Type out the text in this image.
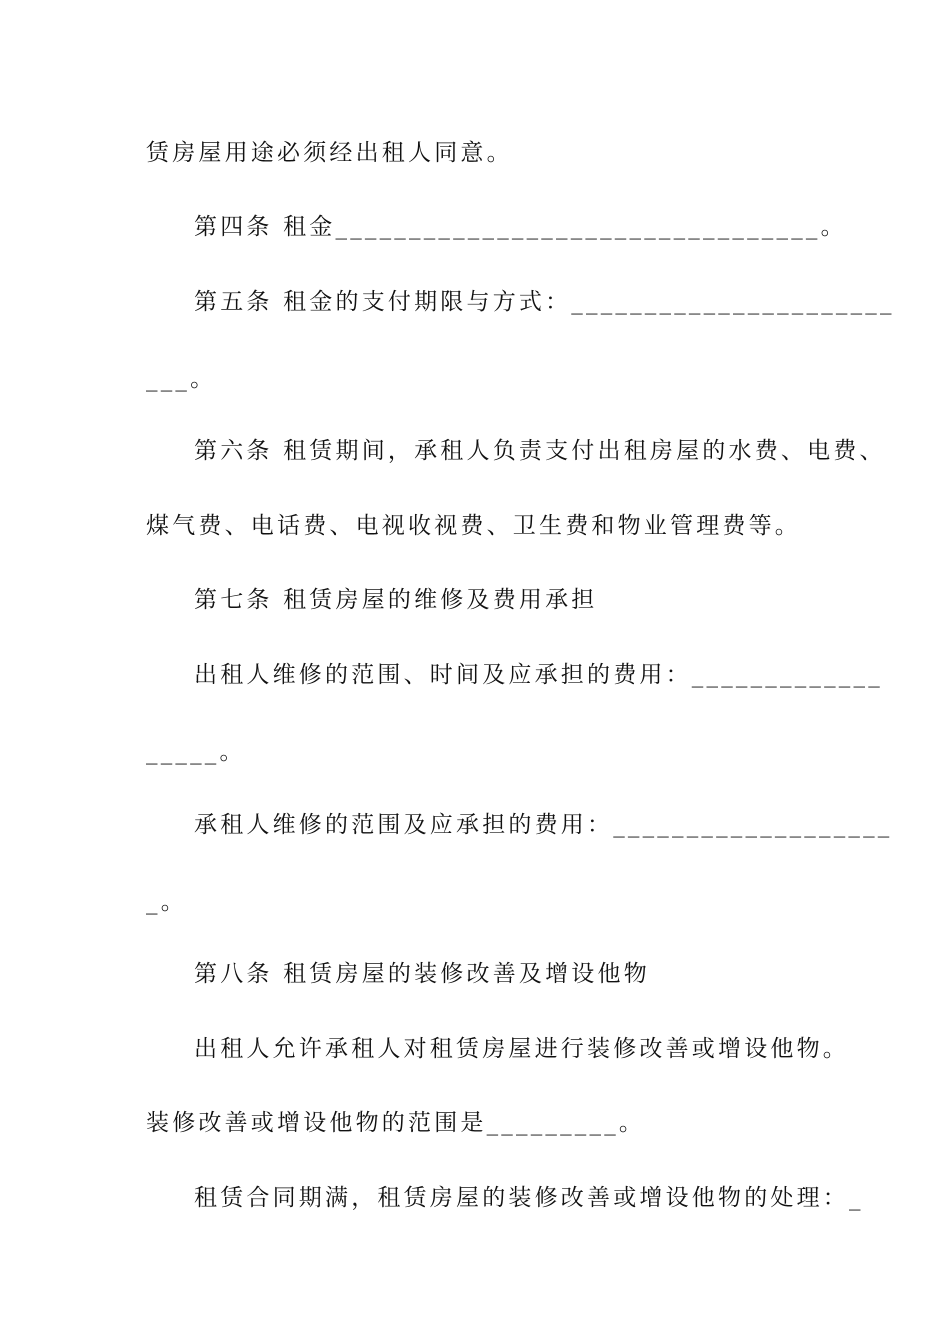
赁房屋用途必须经出租人同意。
第四条 租金_________________________________。
第五条 租金的支付期限与方式：______________________
___。
第六条 租赁期间，承租人负责支付出租房屋的水费、电费、
煤气费、电话费、电视收视费、卫生费和物业管理费等。
第七条 租赁房屋的维修及费用承担
出租人维修的范围、时间及应承担的费用：_____________
_____。
承租人维修的范围及应承担的费用：___________________
_。
第八条 租赁房屋的装修改善及增设他物
出租人允许承租人对租赁房屋进行装修改善或增设他物。
装修改善或增设他物的范围是_________。
租赁合同期满，租赁房屋的装修改善或增设他物的处理：_
